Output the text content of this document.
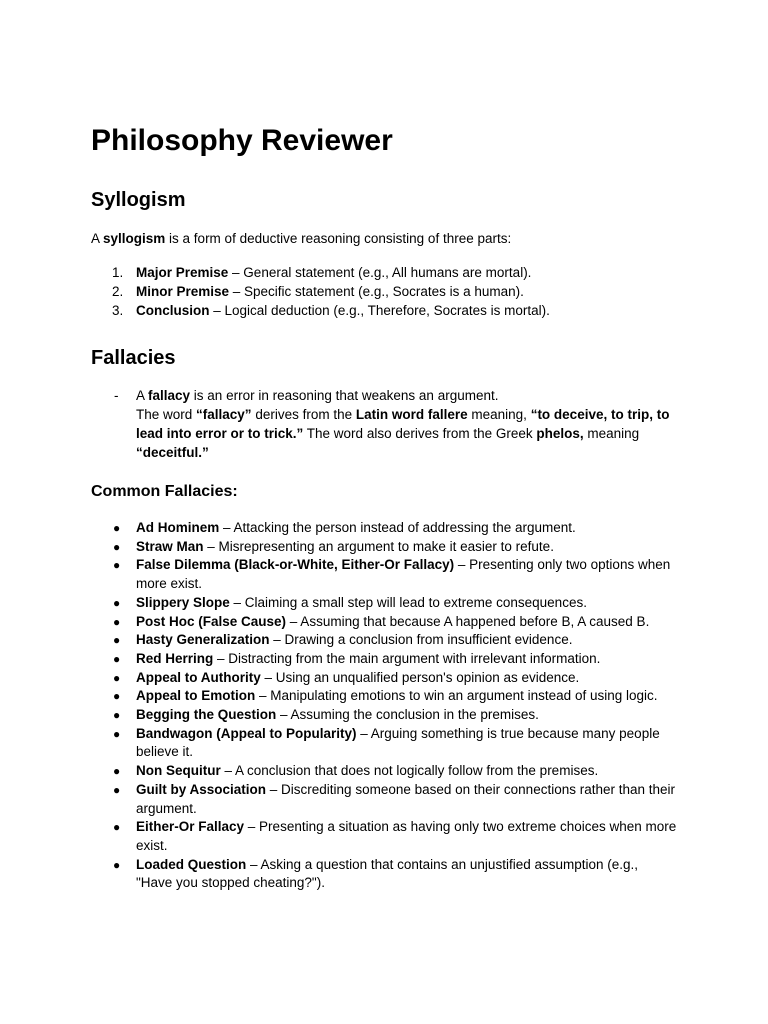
Philosophy Reviewer
Syllogism

A syllogism is a form of deductive reasoning consisting of three parts:

1. Major Premise – General statement (e.g., All humans are mortal).
2. Minor Premise – Specific statement (e.g., Socrates is a human).
3. Conclusion – Logical deduction (e.g., Therefore, Socrates is mortal).
Fallacies
- A fallacy is an error in reasoning that weakens an argument.
The word “fallacy” derives from the Latin word fallere meaning, “to deceive, to trip, to lead into error or to trick.” The word also derives from the Greek phelos, meaning “deceitful.”
Common Fallacies:
● Ad Hominem – Attacking the person instead of addressing the argument.
● Straw Man – Misrepresenting an argument to make it easier to refute.
● False Dilemma (Black-or-White, Either-Or Fallacy) – Presenting only two options when more exist.
● Slippery Slope – Claiming a small step will lead to extreme consequences.
● Post Hoc (False Cause) – Assuming that because A happened before B, A caused B.
● Hasty Generalization – Drawing a conclusion from insufficient evidence.
● Red Herring – Distracting from the main argument with irrelevant information.
● Appeal to Authority – Using an unqualified person's opinion as evidence.
● Appeal to Emotion – Manipulating emotions to win an argument instead of using logic.
● Begging the Question – Assuming the conclusion in the premises.
● Bandwagon (Appeal to Popularity) – Arguing something is true because many people believe it.
● Non Sequitur – A conclusion that does not logically follow from the premises.
● Guilt by Association – Discrediting someone based on their connections rather than their argument.
● Either-Or Fallacy – Presenting a situation as having only two extreme choices when more exist.
● Loaded Question – Asking a question that contains an unjustified assumption (e.g., "Have you stopped cheating?").
